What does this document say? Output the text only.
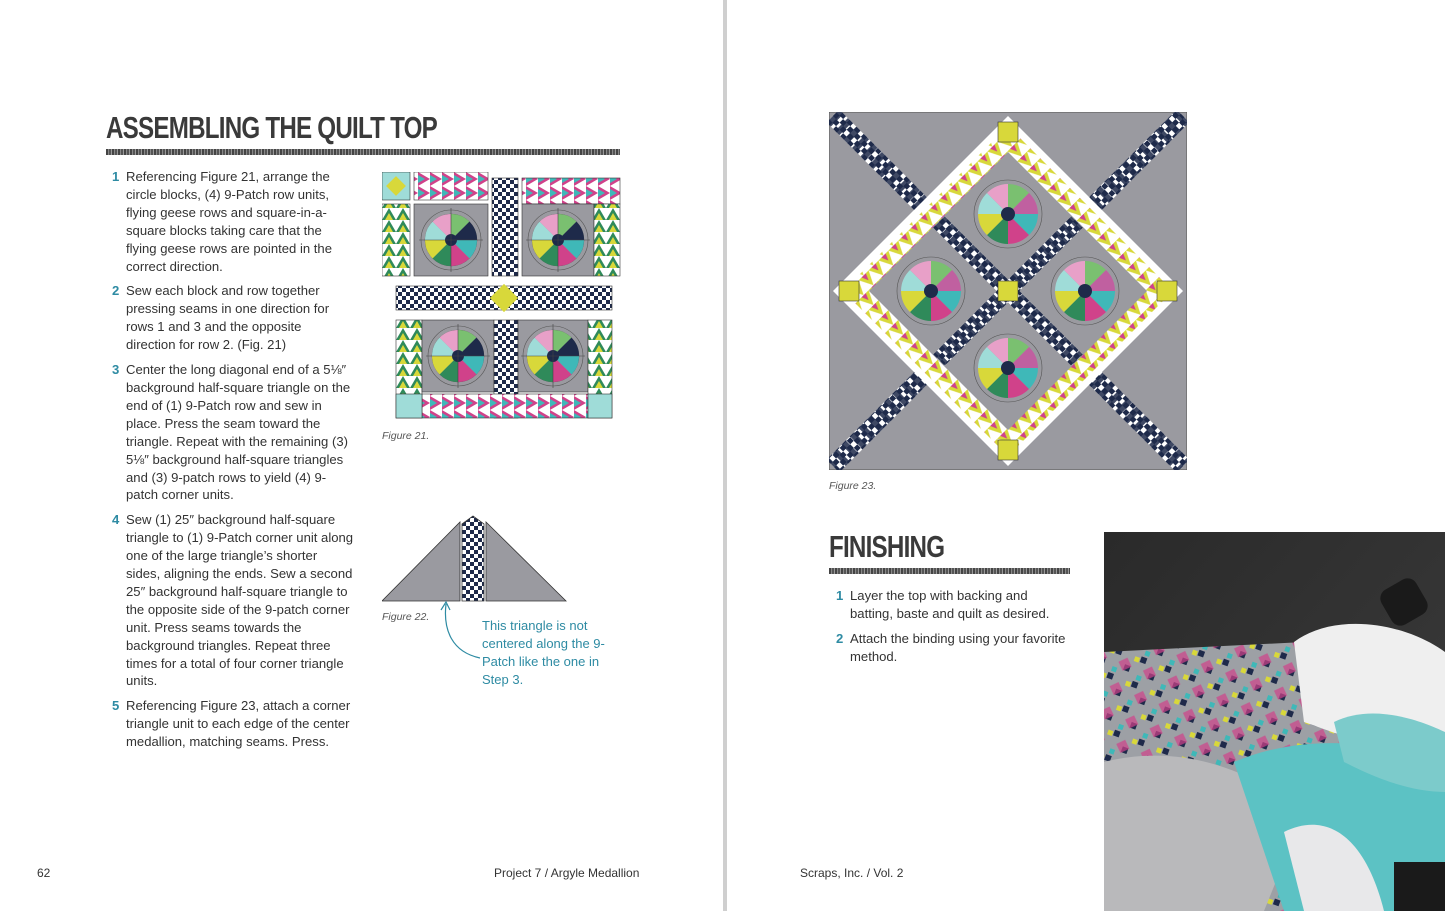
ASSEMBLING THE QUILT TOP
1 Referencing Figure 21, arrange the circle blocks, (4) 9-Patch row units, flying geese rows and square-in-a-square blocks taking care that the flying geese rows are pointed in the correct direction.
2 Sew each block and row together pressing seams in one direction for rows 1 and 3 and the opposite direction for row 2. (Fig. 21)
3 Center the long diagonal end of a 5⅛″ background half-square triangle on the end of (1) 9-Patch row and sew in place. Press the seam toward the triangle. Repeat with the remaining (3) 5⅛″ background half-square triangles and (3) 9-patch rows to yield (4) 9-patch corner units.
4 Sew (1) 25″ background half-square triangle to (1) 9-Patch corner unit along one of the large triangle’s shorter sides, aligning the ends. Sew a second 25″ background half-square triangle to the opposite side of the 9-patch corner unit. Press seams towards the background triangles. Repeat three times for a total of four corner triangle units.
5 Referencing Figure 23, attach a corner triangle unit to each edge of the center medallion, matching seams. Press.
Figure 21.
Figure 22.
This triangle is not centered along the 9-Patch like the one in Step 3.
62	Project 7 / Argyle Medallion
Figure 23.
FINISHING
1 Layer the top with backing and batting, baste and quilt as desired.
2 Attach the binding using your favorite method.
Scraps, Inc. / Vol. 2
